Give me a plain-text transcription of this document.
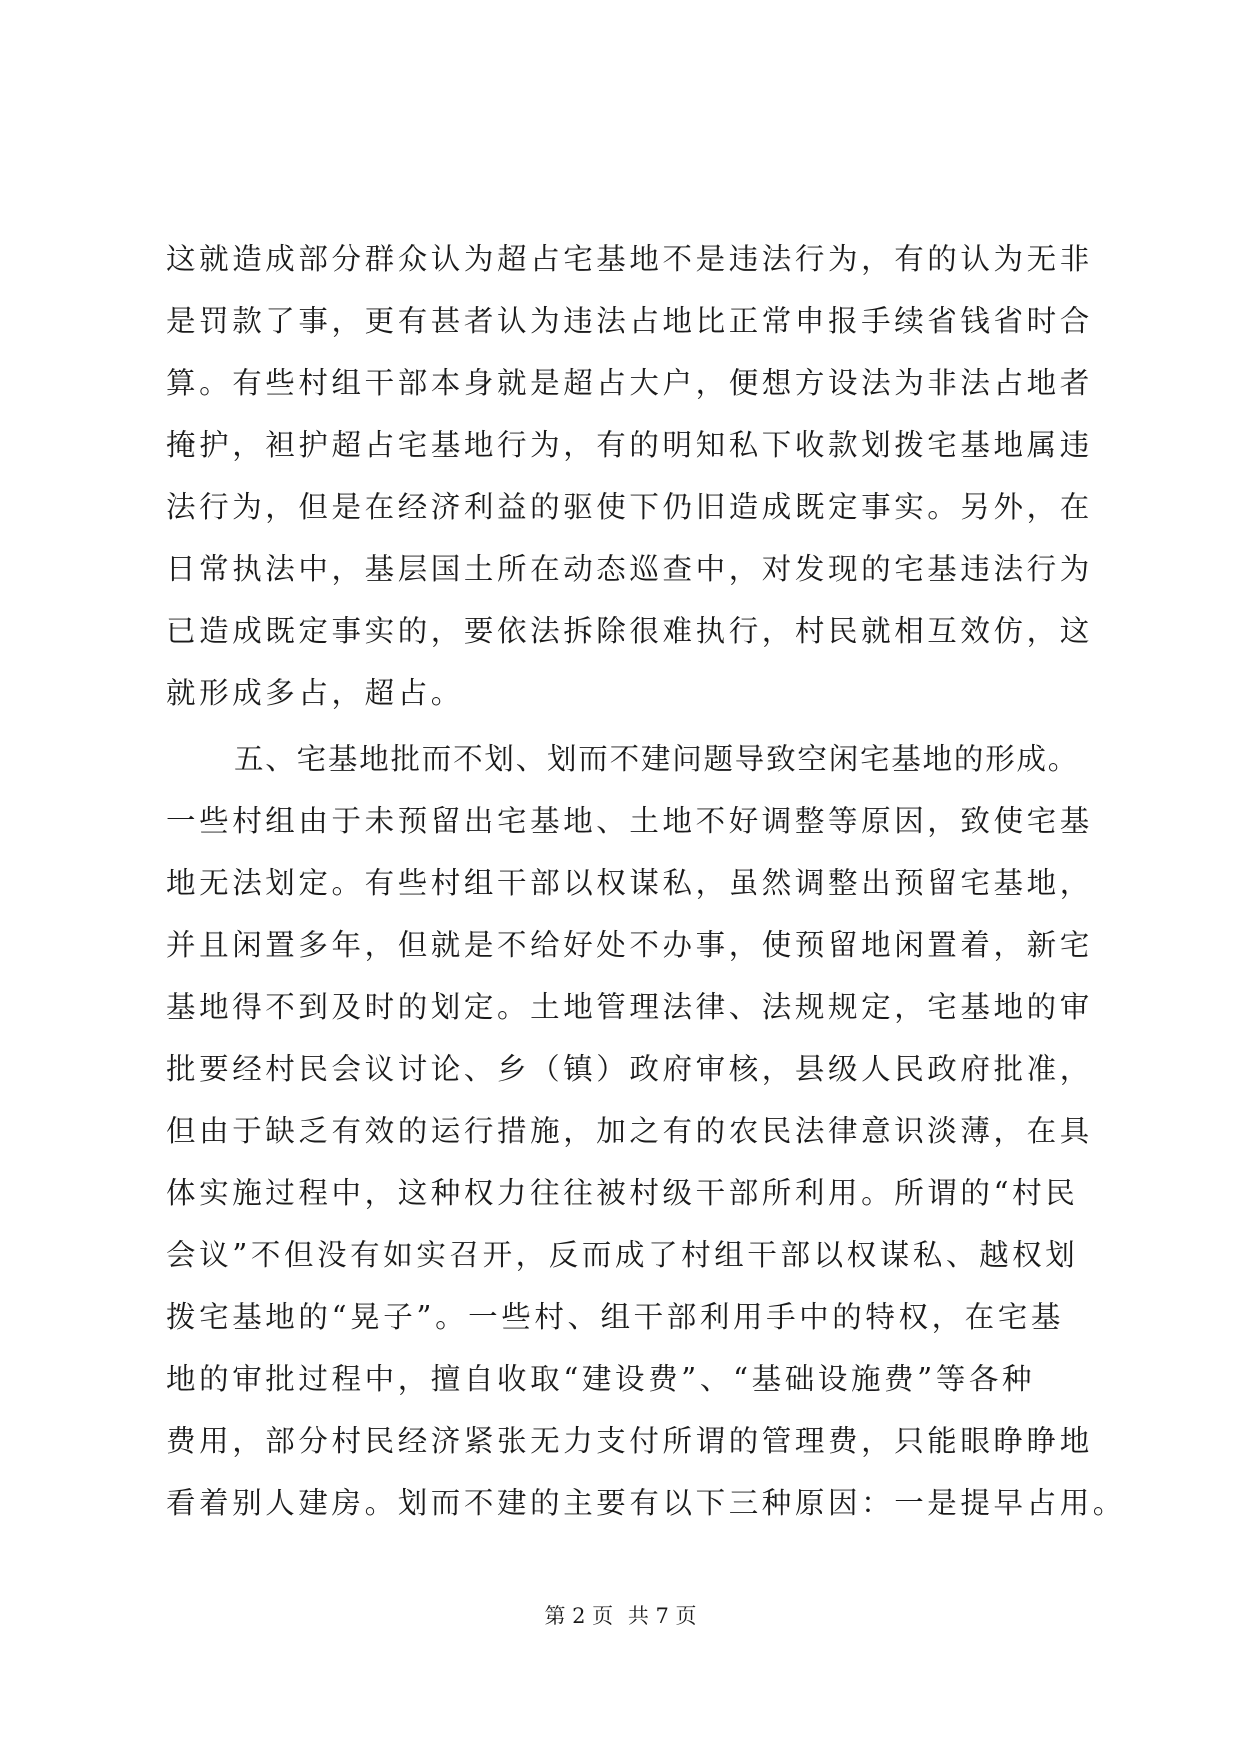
这就造成部分群众认为超占宅基地不是违法行为，有的认为无非
是罚款了事，更有甚者认为违法占地比正常申报手续省钱省时合
算。有些村组干部本身就是超占大户，便想方设法为非法占地者
掩护，袒护超占宅基地行为，有的明知私下收款划拨宅基地属违
法行为，但是在经济利益的驱使下仍旧造成既定事实。另外，在
日常执法中，基层国土所在动态巡查中，对发现的宅基违法行为
已造成既定事实的，要依法拆除很难执行，村民就相互效仿，这
就形成多占，超占。
五、宅基地批而不划、划而不建问题导致空闲宅基地的形成。
一些村组由于未预留出宅基地、土地不好调整等原因，致使宅基
地无法划定。有些村组干部以权谋私，虽然调整出预留宅基地，
并且闲置多年，但就是不给好处不办事，使预留地闲置着，新宅
基地得不到及时的划定。土地管理法律、法规规定，宅基地的审
批要经村民会议讨论、乡（镇）政府审核，县级人民政府批准，
但由于缺乏有效的运行措施，加之有的农民法律意识淡薄，在具
体实施过程中，这种权力往往被村级干部所利用。所谓的“村民
会议”不但没有如实召开，反而成了村组干部以权谋私、越权划
拨宅基地的“晃子”。一些村、组干部利用手中的特权，在宅基
地的审批过程中，擅自收取“建设费”、“基础设施费”等各种
费用，部分村民经济紧张无力支付所谓的管理费，只能眼睁睁地
看着别人建房。划而不建的主要有以下三种原因：一是提早占用。
第 2 页 共 7 页
